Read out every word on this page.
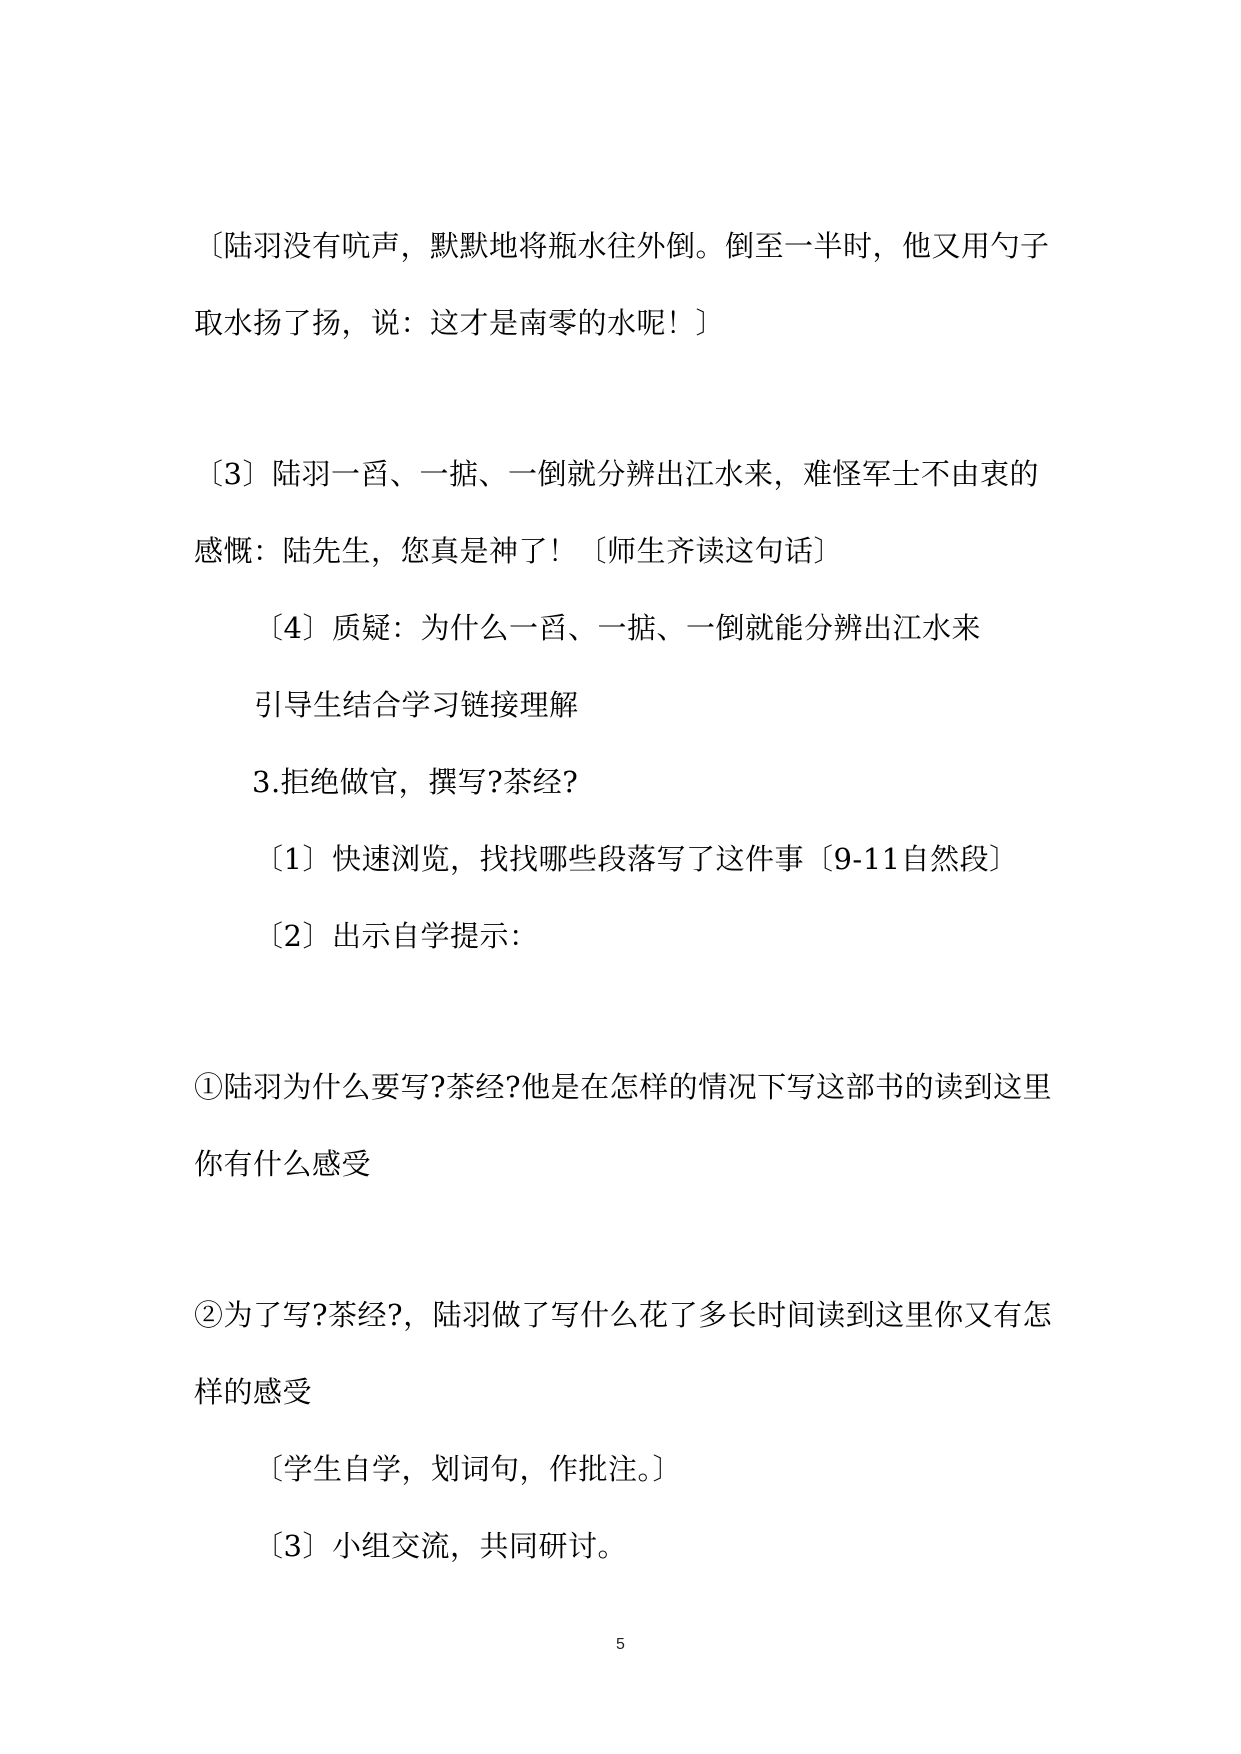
〔陆羽没有吭声，默默地将瓶水往外倒。倒至一半时，他又用勺子
取水扬了扬，说：这才是南零的水呢！〕
〔3〕陆羽一舀、一掂、一倒就分辨出江水来，难怪军士不由衷的
感慨：陆先生，您真是神了！〔师生齐读这句话〕
〔4〕质疑：为什么一舀、一掂、一倒就能分辨出江水来
引导生结合学习链接理解
3.拒绝做官，撰写?茶经?
〔1〕快速浏览，找找哪些段落写了这件事〔9-11自然段〕
〔2〕出示自学提示：
①陆羽为什么要写?茶经?他是在怎样的情况下写这部书的读到这里
你有什么感受
②为了写?茶经?，陆羽做了写什么花了多长时间读到这里你又有怎
样的感受
〔学生自学，划词句，作批注。〕
〔3〕小组交流，共同研讨。
5
